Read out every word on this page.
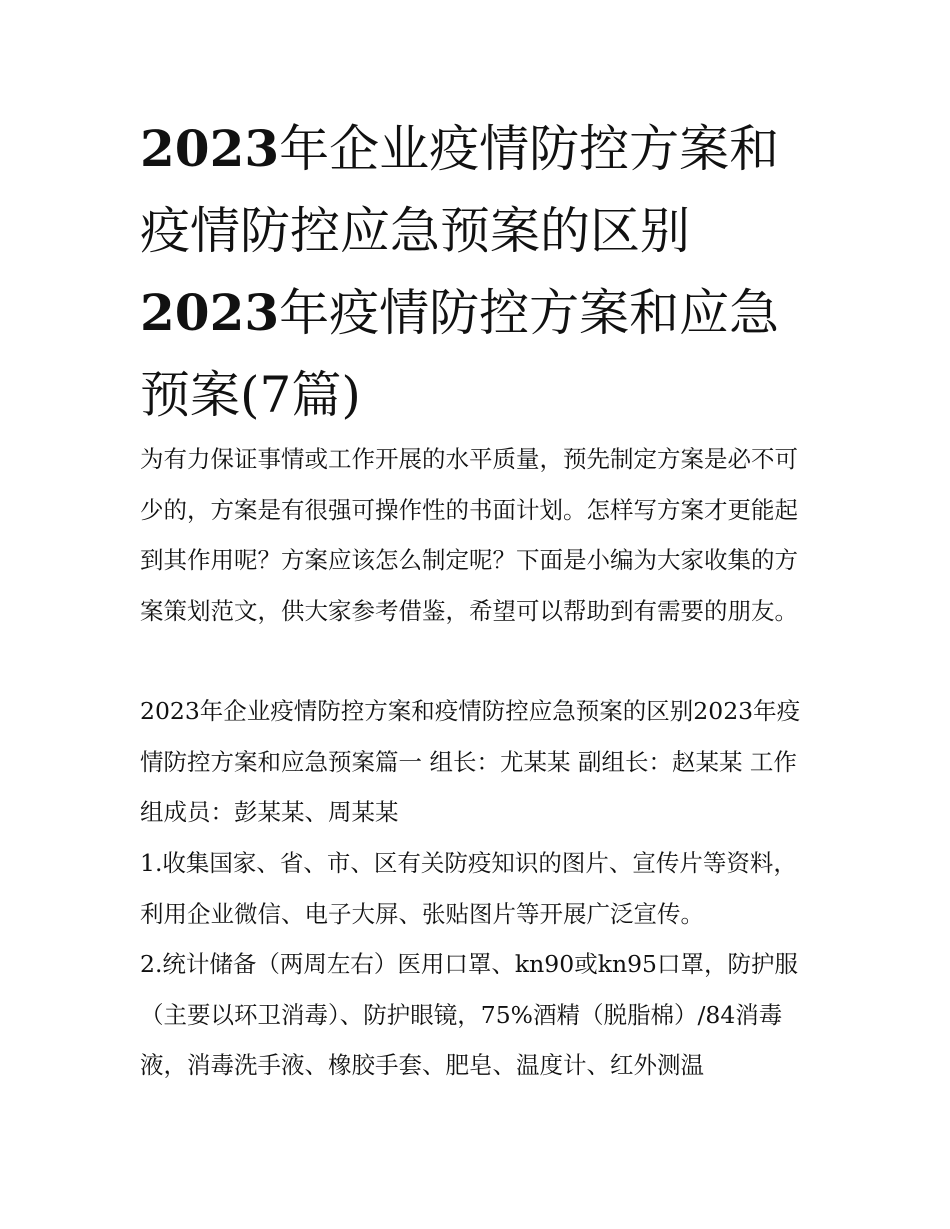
2023年企业疫情防控方案和疫情防控应急预案的区别2023年疫情防控方案和应急预案(7篇)

为有力保证事情或工作开展的水平质量，预先制定方案是必不可少的，方案是有很强可操作性的书面计划。怎样写方案才更能起到其作用呢？方案应该怎么制定呢？下面是小编为大家收集的方案策划范文，供大家参考借鉴，希望可以帮助到有需要的朋友。

2023年企业疫情防控方案和疫情防控应急预案的区别2023年疫情防控方案和应急预案篇一 组长：尤某某 副组长：赵某某 工作组成员：彭某某、周某某

1.收集国家、省、市、区有关防疫知识的图片、宣传片等资料，利用企业微信、电子大屏、张贴图片等开展广泛宣传。

2.统计储备（两周左右）医用口罩、kn90或kn95口罩，防护服（主要以环卫消毒）、防护眼镜，75%酒精（脱脂棉）/84消毒液，消毒洗手液、橡胶手套、肥皂、温度计、红外测温
